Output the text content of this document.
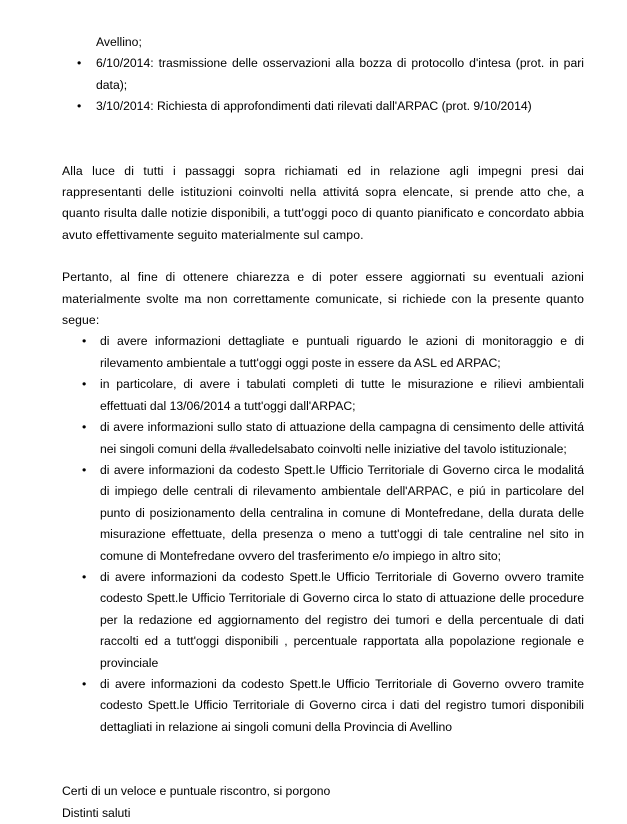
Avellino;

• 6/10/2014: trasmissione delle osservazioni alla bozza di protocollo d'intesa (prot. in pari data);
• 3/10/2014: Richiesta di approfondimenti dati rilevati dall'ARPAC (prot. 9/10/2014)

Alla luce di tutti i passaggi sopra richiamati ed in relazione agli impegni presi dai rappresentanti delle istituzioni coinvolti nella attivitá sopra elencate, si prende atto che, a quanto risulta dalle notizie disponibili, a tutt'oggi poco di quanto pianificato e concordato abbia avuto effettivamente seguito materialmente sul campo.

Pertanto, al fine di ottenere chiarezza e di poter essere aggiornati su eventuali azioni materialmente svolte ma non correttamente comunicate, si richiede con la presente quanto segue:

• di avere informazioni dettagliate e puntuali riguardo le azioni di monitoraggio e di rilevamento ambientale a tutt'oggi oggi poste in essere da ASL ed ARPAC;
• in particolare, di avere i tabulati completi di tutte le misurazione e rilievi ambientali effettuati dal 13/06/2014 a tutt'oggi dall'ARPAC;
• di avere informazioni sullo stato di attuazione della campagna di censimento delle attivitá nei singoli comuni della #valledelsabato coinvolti nelle iniziative del tavolo istituzionale;
• di avere informazioni da codesto Spett.le Ufficio Territoriale di Governo circa le modalitá di impiego delle centrali di rilevamento ambientale dell'ARPAC, e piú in particolare del punto di posizionamento della centralina in comune di Montefredane, della durata delle misurazione effettuate, della presenza o meno a tutt'oggi di tale centraline nel sito in comune di Montefredane ovvero del trasferimento e/o impiego in altro sito;
• di avere informazioni da codesto Spett.le Ufficio Territoriale di Governo ovvero tramite codesto Spett.le Ufficio Territoriale di Governo circa lo stato di attuazione delle procedure per la redazione ed aggiornamento del registro dei tumori e della percentuale di dati raccolti ed a tutt'oggi disponibili , percentuale rapportata alla popolazione regionale e provinciale
• di avere informazioni da codesto Spett.le Ufficio Territoriale di Governo ovvero tramite codesto Spett.le Ufficio Territoriale di Governo circa i dati del registro tumori disponibili dettagliati in relazione ai singoli comuni della Provincia di Avellino

Certi di un veloce e puntuale riscontro, si porgono

Distinti saluti
